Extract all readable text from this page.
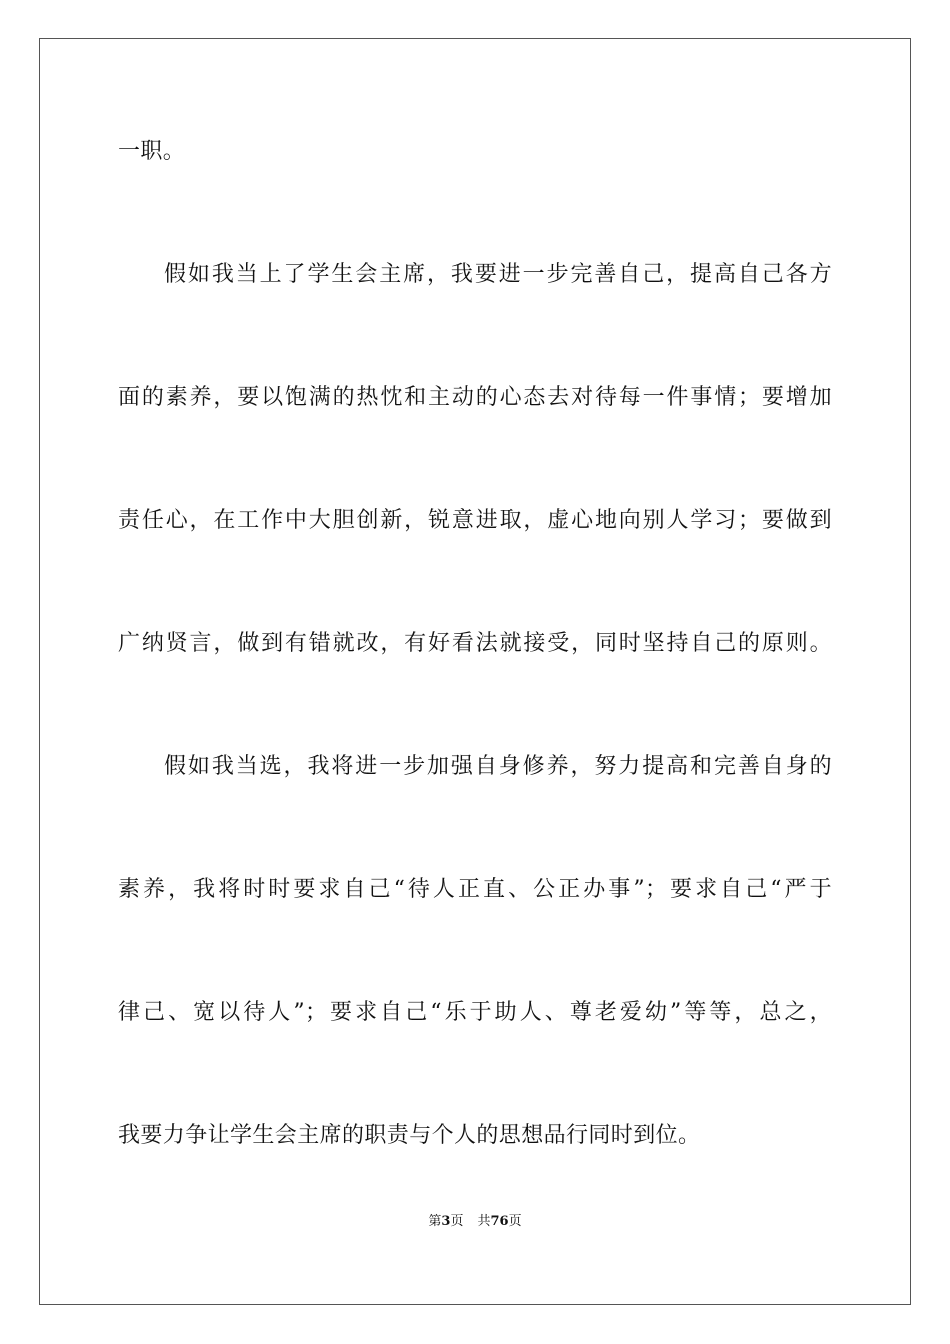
一职。
假如我当上了学生会主席，我要进一步完善自己，提高自己各方
面的素养，要以饱满的热忱和主动的心态去对待每一件事情；要增加
责任心，在工作中大胆创新，锐意进取，虚心地向别人学习；要做到
广纳贤言，做到有错就改，有好看法就接受，同时坚持自己的原则。
假如我当选，我将进一步加强自身修养，努力提高和完善自身的
素养，我将时时要求自己“待人正直、公正办事”；要求自己“严于
律己、宽以待人”；要求自己“乐于助人、尊老爱幼”等等，总之，
我要力争让学生会主席的职责与个人的思想品行同时到位。
第3页 共76页
